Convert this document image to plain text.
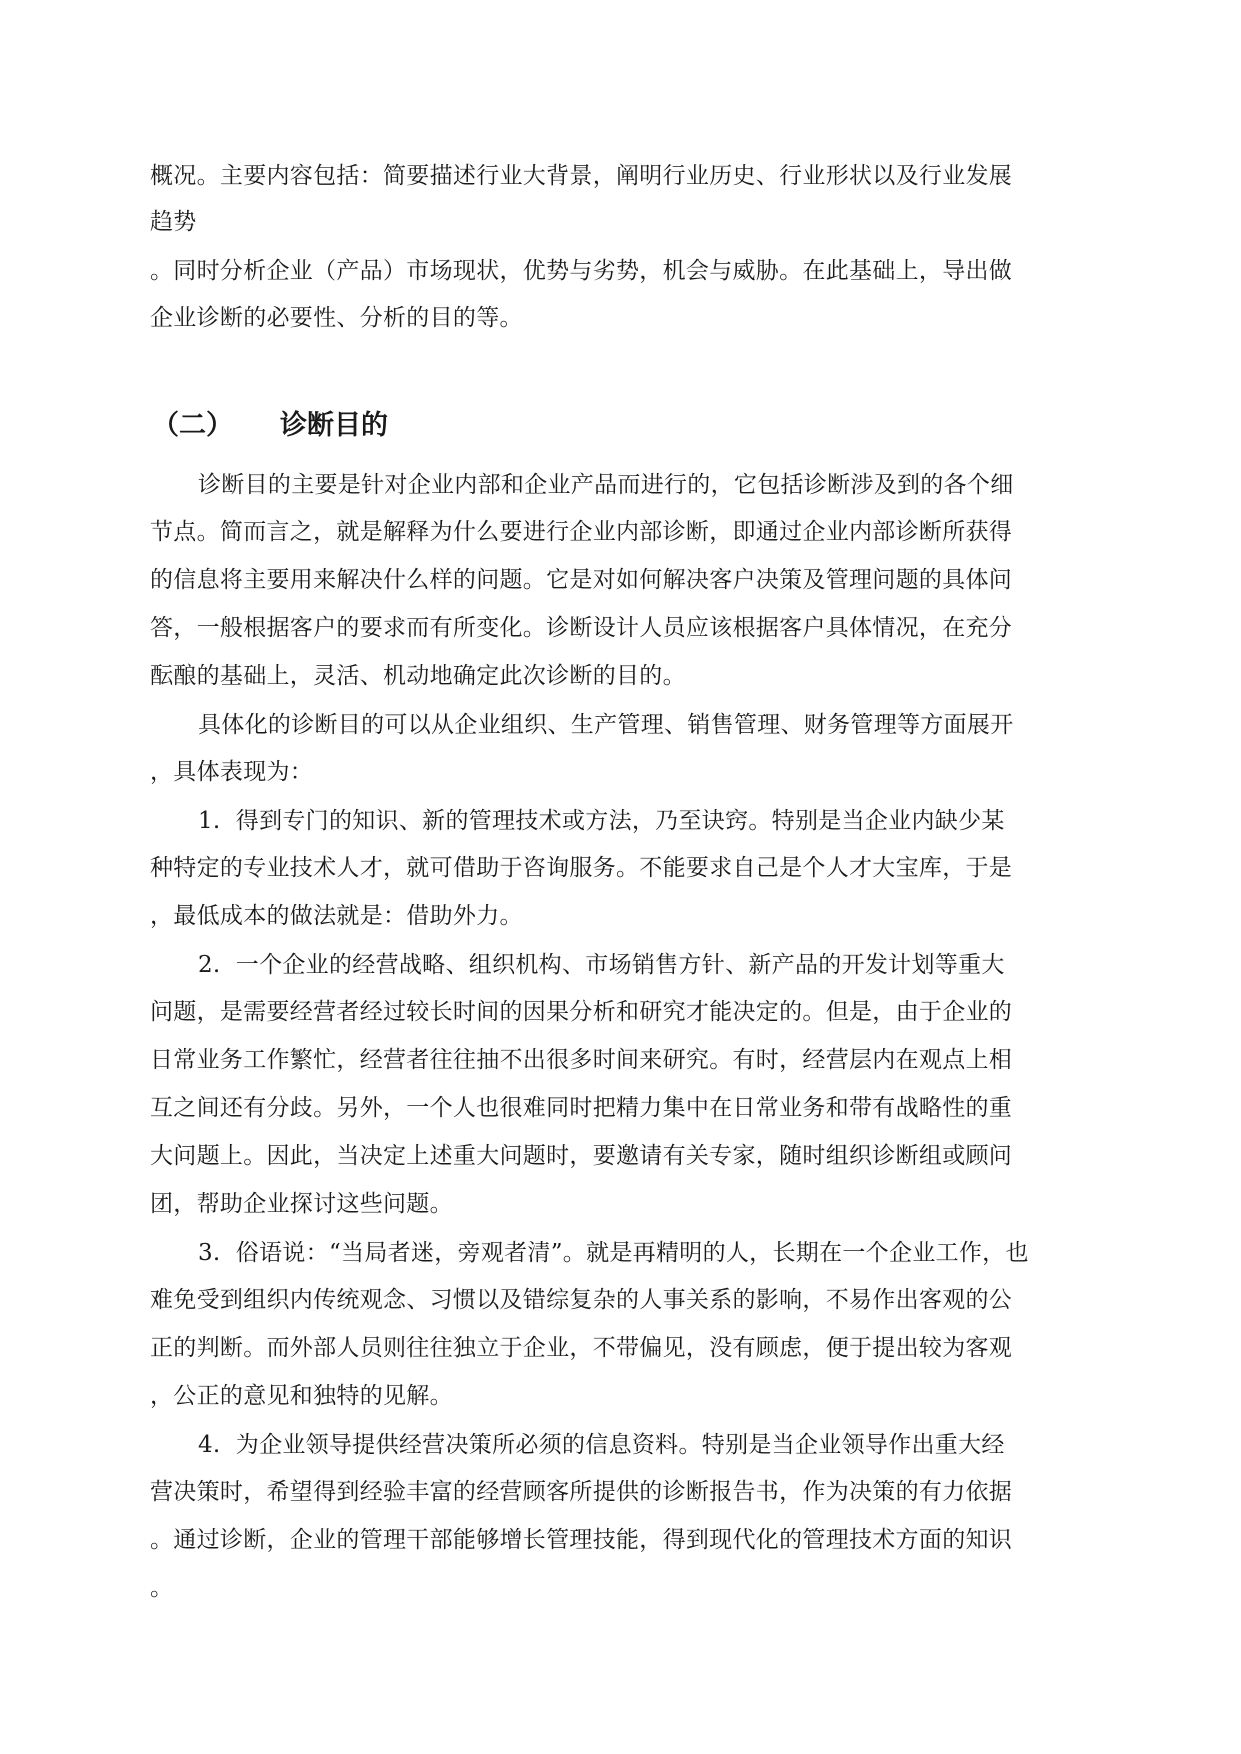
概况。主要内容包括：简要描述行业大背景，阐明行业历史、行业形状以及行业发展
趋势
。同时分析企业（产品）市场现状，优势与劣势，机会与威胁。在此基础上，导出做
企业诊断的必要性、分析的目的等。
（二） 诊断目的
诊断目的主要是针对企业内部和企业产品而进行的，它包括诊断涉及到的各个细
节点。简而言之，就是解释为什么要进行企业内部诊断，即通过企业内部诊断所获得
的信息将主要用来解决什么样的问题。它是对如何解决客户决策及管理问题的具体问
答，一般根据客户的要求而有所变化。诊断设计人员应该根据客户具体情况，在充分
酝酿的基础上，灵活、机动地确定此次诊断的目的。
具体化的诊断目的可以从企业组织、生产管理、销售管理、财务管理等方面展开
，具体表现为：
1.  得到专门的知识、新的管理技术或方法，乃至诀窍。特别是当企业内缺少某
种特定的专业技术人才，就可借助于咨询服务。不能要求自己是个人才大宝库，于是
，最低成本的做法就是：借助外力。
2.  一个企业的经营战略、组织机构、市场销售方针、新产品的开发计划等重大
问题，是需要经营者经过较长时间的因果分析和研究才能决定的。但是，由于企业的
日常业务工作繁忙，经营者往往抽不出很多时间来研究。有时，经营层内在观点上相
互之间还有分歧。另外，一个人也很难同时把精力集中在日常业务和带有战略性的重
大问题上。因此，当决定上述重大问题时，要邀请有关专家，随时组织诊断组或顾问
团，帮助企业探讨这些问题。
3.  俗语说：“当局者迷，旁观者清”。就是再精明的人，长期在一个企业工作，也
难免受到组织内传统观念、习惯以及错综复杂的人事关系的影响，不易作出客观的公
正的判断。而外部人员则往往独立于企业，不带偏见，没有顾虑，便于提出较为客观
，公正的意见和独特的见解。
4.  为企业领导提供经营决策所必须的信息资料。特别是当企业领导作出重大经
营决策时，希望得到经验丰富的经营顾客所提供的诊断报告书，作为决策的有力依据
。通过诊断，企业的管理干部能够增长管理技能，得到现代化的管理技术方面的知识
。
